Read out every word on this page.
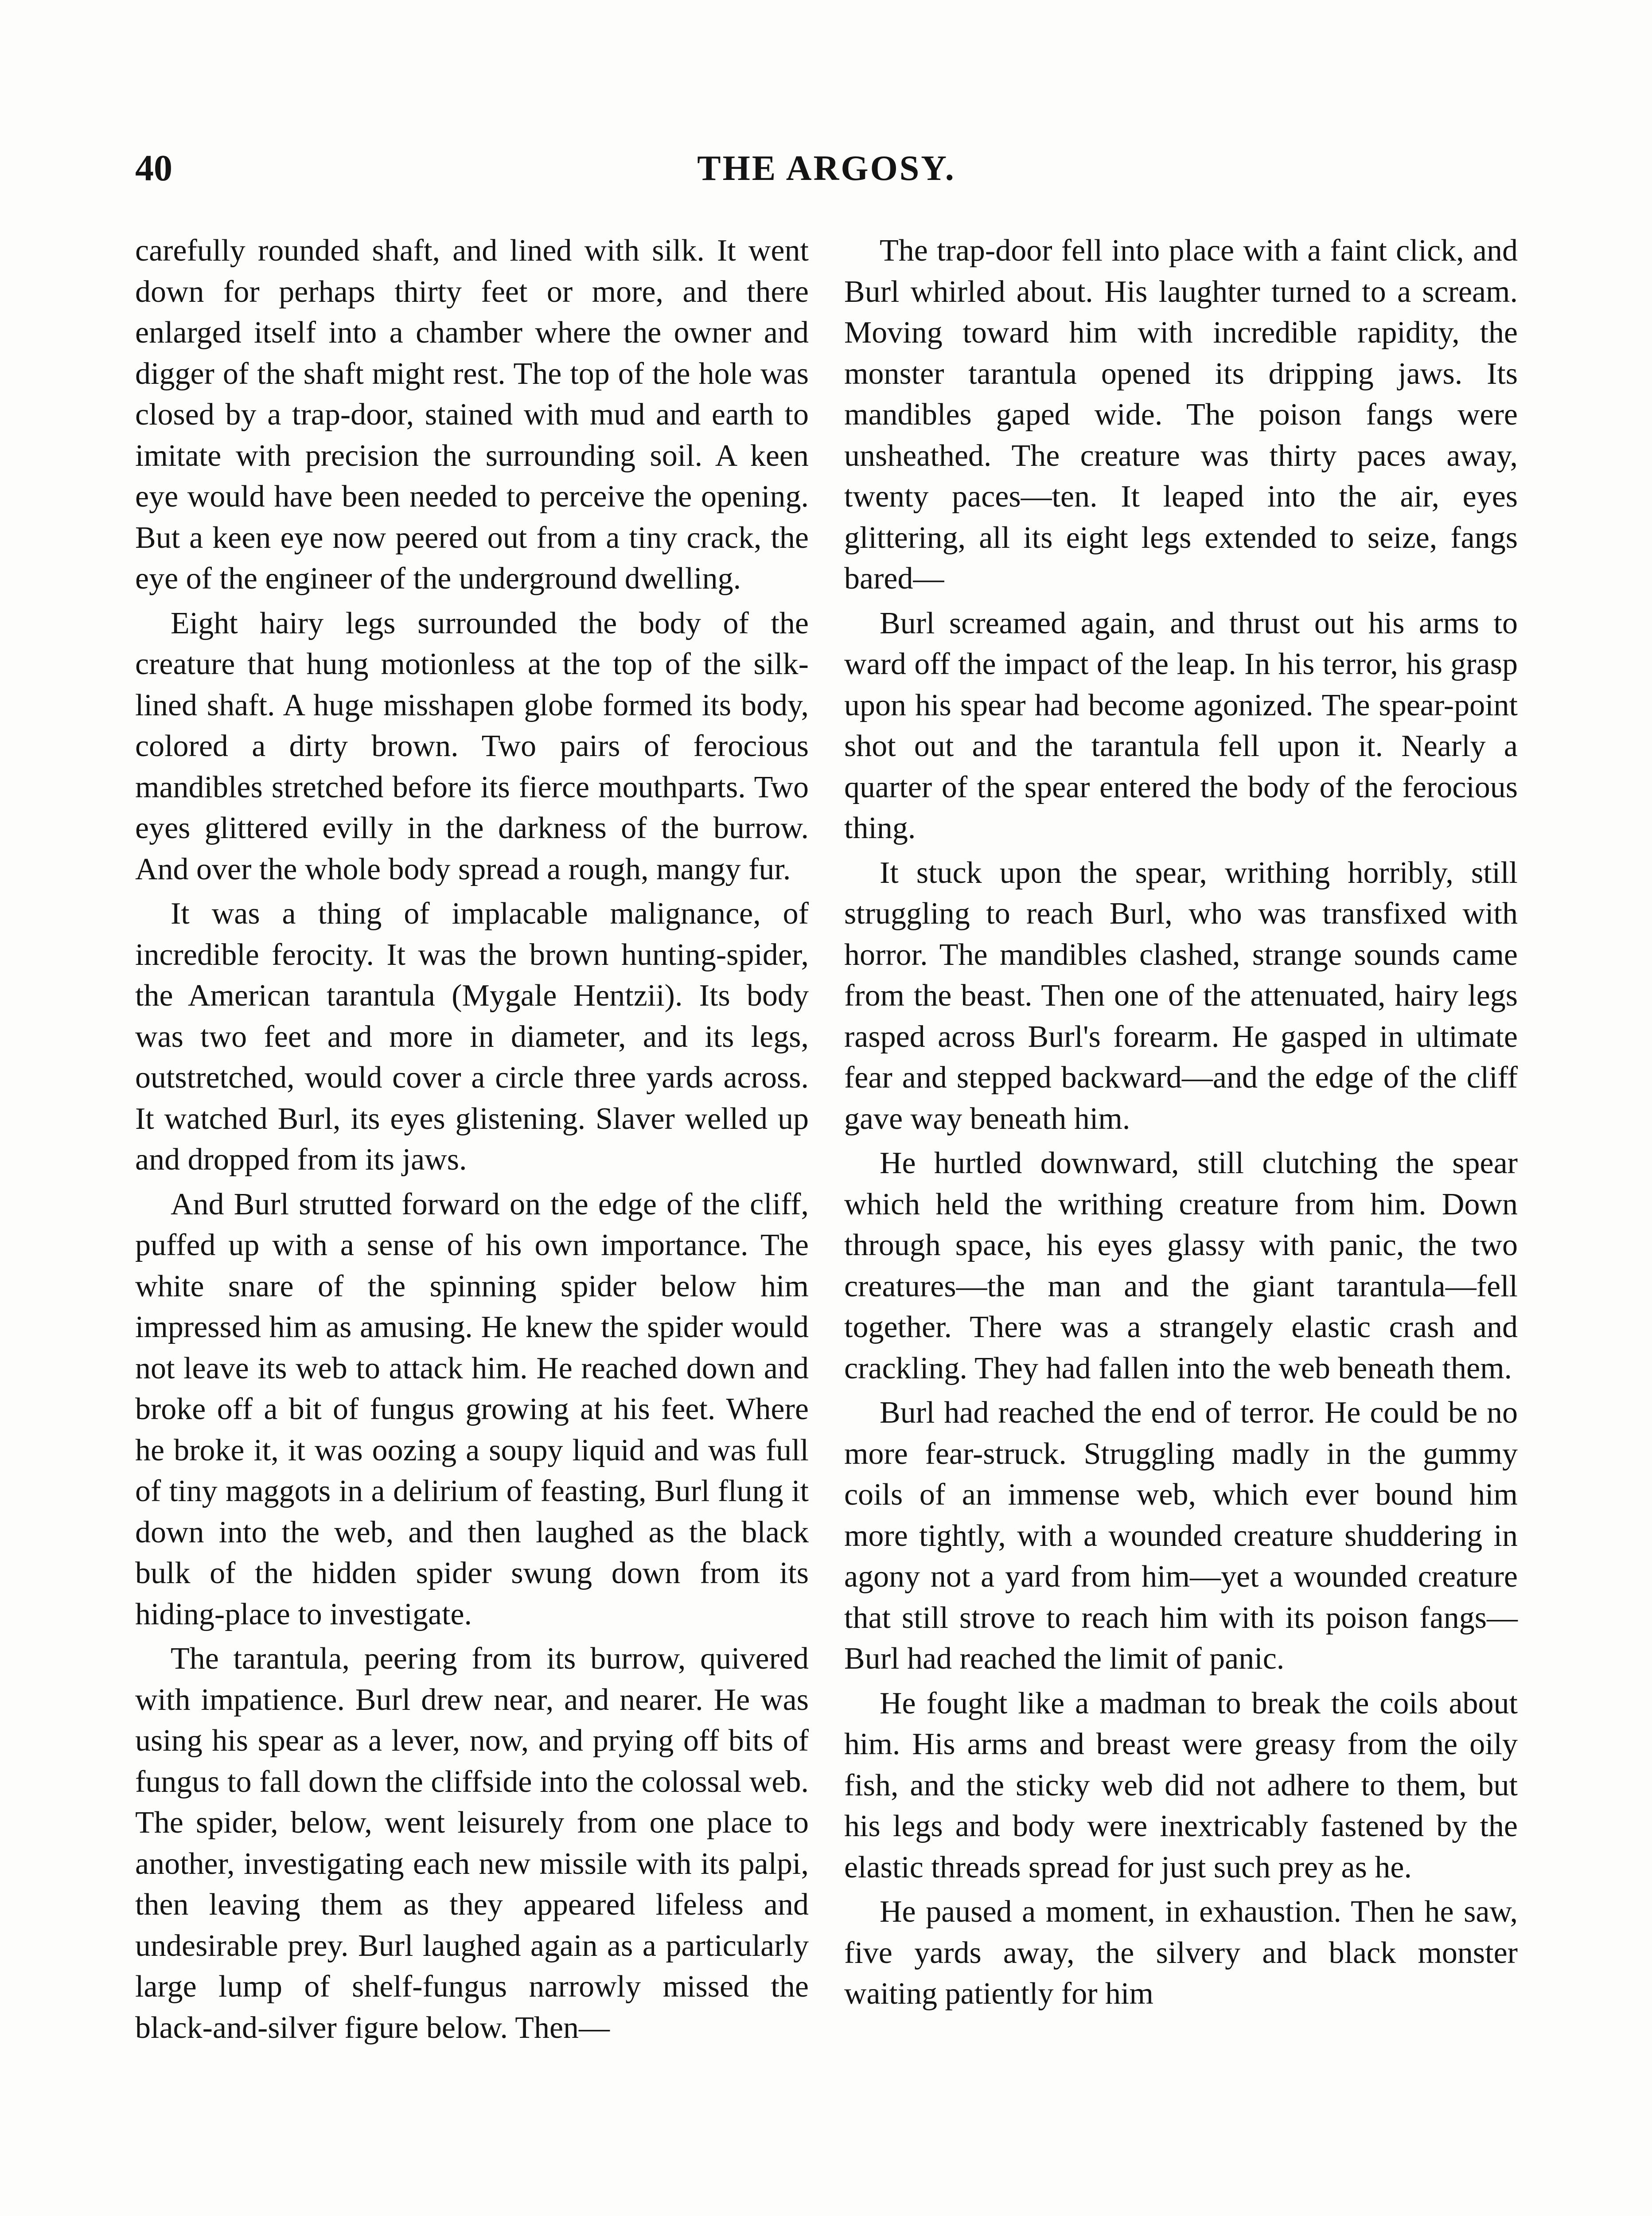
40	THE ARGOSY.

carefully rounded shaft, and lined with silk. It went down for perhaps thirty feet or more, and there enlarged itself into a chamber where the owner and digger of the shaft might rest. The top of the hole was closed by a trap-door, stained with mud and earth to imitate with precision the surrounding soil. A keen eye would have been needed to perceive the opening. But a keen eye now peered out from a tiny crack, the eye of the engineer of the underground dwelling.

Eight hairy legs surrounded the body of the creature that hung motionless at the top of the silk-lined shaft. A huge misshapen globe formed its body, colored a dirty brown. Two pairs of ferocious mandibles stretched before its fierce mouthparts. Two eyes glittered evilly in the darkness of the burrow. And over the whole body spread a rough, mangy fur.

It was a thing of implacable malignance, of incredible ferocity. It was the brown hunting-spider, the American tarantula (Mygale Hentzii). Its body was two feet and more in diameter, and its legs, outstretched, would cover a circle three yards across. It watched Burl, its eyes glistening. Slaver welled up and dropped from its jaws.

And Burl strutted forward on the edge of the cliff, puffed up with a sense of his own importance. The white snare of the spinning spider below him impressed him as amusing. He knew the spider would not leave its web to attack him. He reached down and broke off a bit of fungus growing at his feet. Where he broke it, it was oozing a soupy liquid and was full of tiny maggots in a delirium of feasting, Burl flung it down into the web, and then laughed as the black bulk of the hidden spider swung down from its hiding-place to investigate.

The tarantula, peering from its burrow, quivered with impatience. Burl drew near, and nearer. He was using his spear as a lever, now, and prying off bits of fungus to fall down the cliffside into the colossal web. The spider, below, went leisurely from one place to another, investigating each new missile with its palpi, then leaving them as they appeared lifeless and undesirable prey. Burl laughed again as a particularly large lump of shelf-fungus narrowly missed the black-and-silver figure below. Then—

The trap-door fell into place with a faint click, and Burl whirled about. His laughter turned to a scream. Moving toward him with incredible rapidity, the monster tarantula opened its dripping jaws. Its mandibles gaped wide. The poison fangs were unsheathed. The creature was thirty paces away, twenty paces—ten. It leaped into the air, eyes glittering, all its eight legs extended to seize, fangs bared—

Burl screamed again, and thrust out his arms to ward off the impact of the leap. In his terror, his grasp upon his spear had become agonized. The spear-point shot out and the tarantula fell upon it. Nearly a quarter of the spear entered the body of the ferocious thing.

It stuck upon the spear, writhing horribly, still struggling to reach Burl, who was transfixed with horror. The mandibles clashed, strange sounds came from the beast. Then one of the attenuated, hairy legs rasped across Burl's forearm. He gasped in ultimate fear and stepped backward—and the edge of the cliff gave way beneath him.

He hurtled downward, still clutching the spear which held the writhing creature from him. Down through space, his eyes glassy with panic, the two creatures—the man and the giant tarantula—fell together. There was a strangely elastic crash and crackling. They had fallen into the web beneath them.

Burl had reached the end of terror. He could be no more fear-struck. Struggling madly in the gummy coils of an immense web, which ever bound him more tightly, with a wounded creature shuddering in agony not a yard from him—yet a wounded creature that still strove to reach him with its poison fangs—Burl had reached the limit of panic.

He fought like a madman to break the coils about him. His arms and breast were greasy from the oily fish, and the sticky web did not adhere to them, but his legs and body were inextricably fastened by the elastic threads spread for just such prey as he.

He paused a moment, in exhaustion. Then he saw, five yards away, the silvery and black monster waiting patiently for him
